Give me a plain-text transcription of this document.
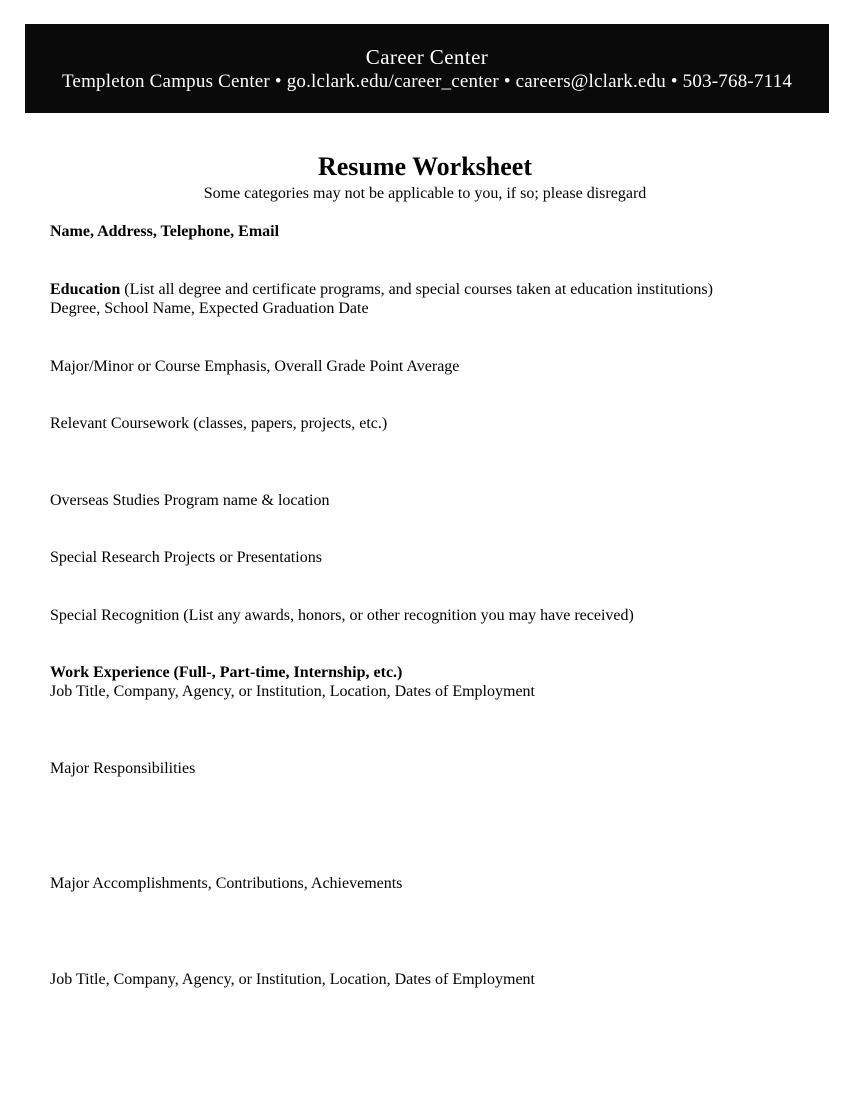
Career Center
Templeton Campus Center • go.lclark.edu/career_center • careers@lclark.edu • 503-768-7114
Resume Worksheet
Some categories may not be applicable to you, if so; please disregard
Name, Address, Telephone, Email
Education (List all degree and certificate programs, and special courses taken at education institutions)
Degree, School Name, Expected Graduation Date
Major/Minor or Course Emphasis, Overall Grade Point Average
Relevant Coursework (classes, papers, projects, etc.)
Overseas Studies Program name & location
Special Research Projects or Presentations
Special Recognition (List any awards, honors, or other recognition you may have received)
Work Experience (Full-, Part-time, Internship, etc.)
Job Title, Company, Agency, or Institution, Location, Dates of Employment
Major Responsibilities
Major Accomplishments, Contributions, Achievements
Job Title, Company, Agency, or Institution, Location, Dates of Employment
